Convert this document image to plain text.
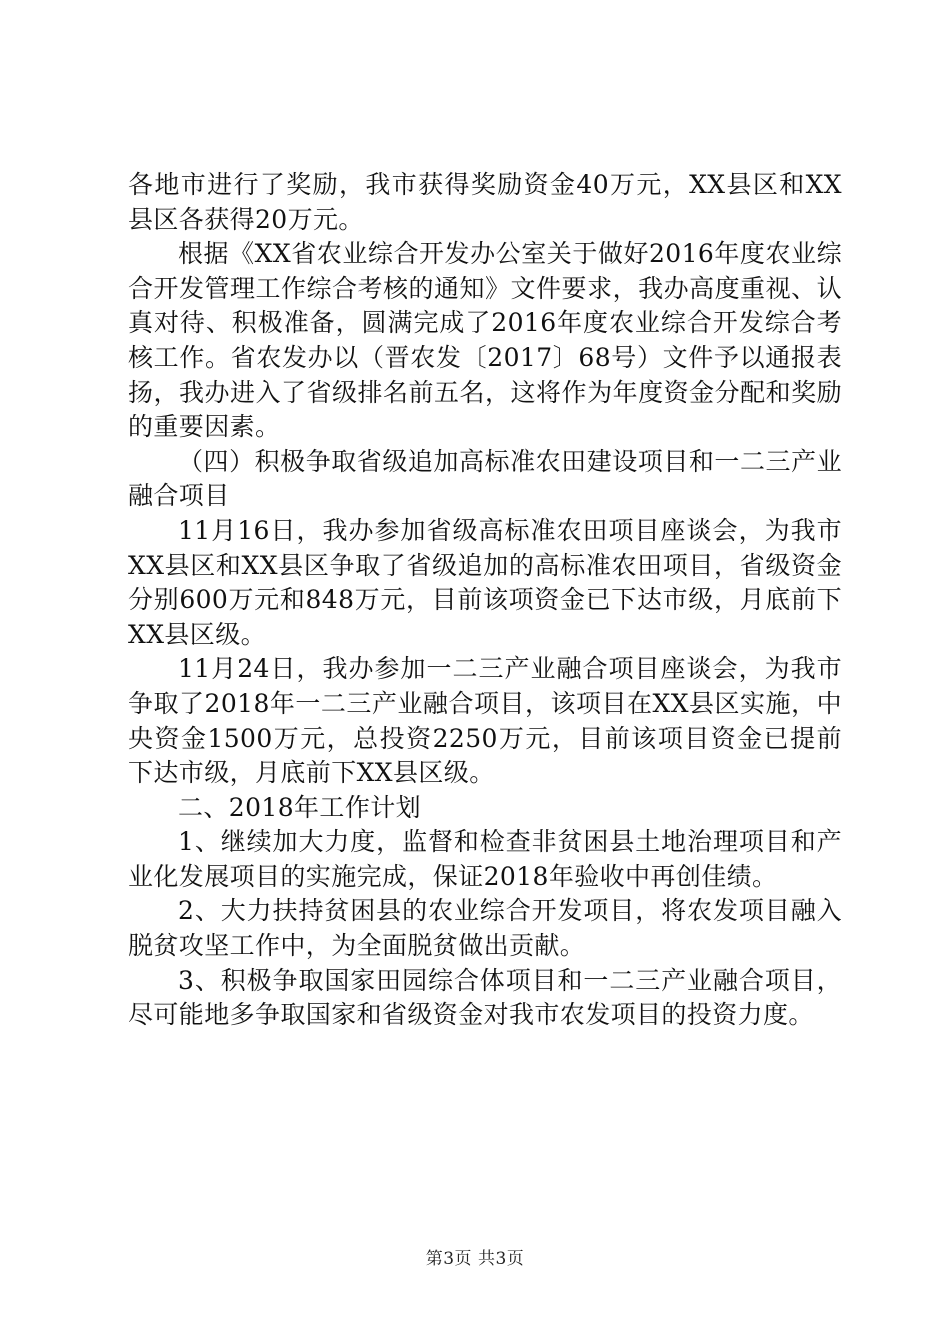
各地市进行了奖励，我市获得奖励资金40万元，XX县区和XX县区各获得20万元。

根据《XX省农业综合开发办公室关于做好2016年度农业综合开发管理工作综合考核的通知》文件要求，我办高度重视、认真对待、积极准备，圆满完成了2016年度农业综合开发综合考核工作。省农发办以（晋农发〔2017〕68号）文件予以通报表扬，我办进入了省级排名前五名，这将作为年度资金分配和奖励的重要因素。

（四）积极争取省级追加高标准农田建设项目和一二三产业融合项目

11月16日，我办参加省级高标准农田项目座谈会，为我市XX县区和XX县区争取了省级追加的高标准农田项目，省级资金分别600万元和848万元，目前该项资金已下达市级，月底前下XX县区级。

11月24日，我办参加一二三产业融合项目座谈会，为我市争取了2018年一二三产业融合项目，该项目在XX县区实施，中央资金1500万元，总投资2250万元，目前该项目资金已提前下达市级，月底前下XX县区级。

二、2018年工作计划

1、继续加大力度，监督和检查非贫困县土地治理项目和产业化发展项目的实施完成，保证2018年验收中再创佳绩。

2、大力扶持贫困县的农业综合开发项目，将农发项目融入脱贫攻坚工作中，为全面脱贫做出贡献。

3、积极争取国家田园综合体项目和一二三产业融合项目，尽可能地多争取国家和省级资金对我市农发项目的投资力度。

第3页 共3页
